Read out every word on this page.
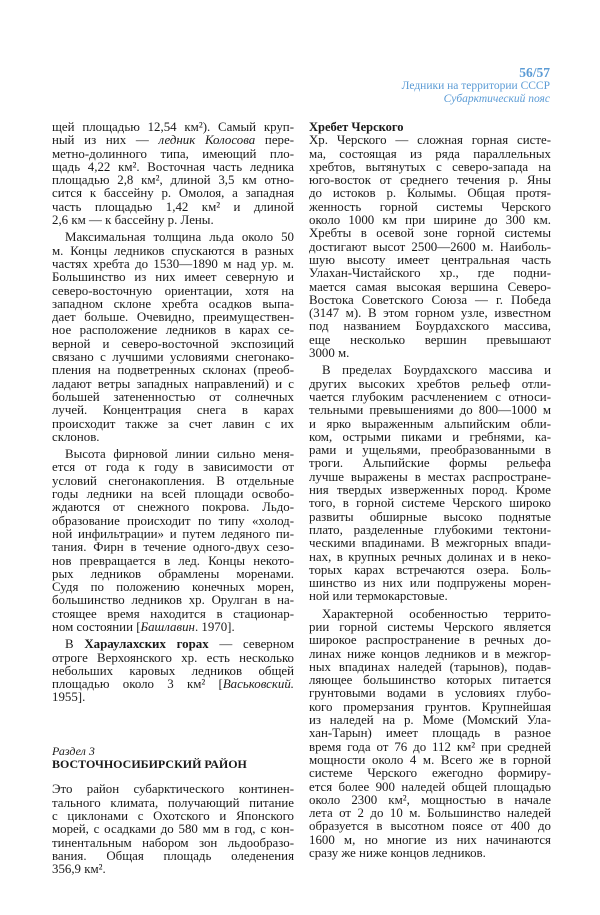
56/57
Ледники на территории СССР
Субарктический пояс
щей площадью 12,54 км²). Самый круп-
ный из них — ледник Колосова пере-
метно-долинного типа, имеющий пло-
щадь 4,22 км². Восточная часть ледника
площадью 2,8 км², длиной 3,5 км отно-
сится к бассейну р. Омолоя, а западная
часть площадью 1,42 км² и длиной
2,6 км — к бассейну р. Лены.
Максимальная толщина льда около 50
м. Концы ледников спускаются в разных
частях хребта до 1530—1890 м над ур. м.
Большинство из них имеет северную и
северо-восточную ориентации, хотя на
западном склоне хребта осадков выпа-
дает больше. Очевидно, преимуществен-
ное расположение ледников в карах се-
верной и северо-восточной экспозиций
связано с лучшими условиями снегонако-
пления на подветренных склонах (преоб-
ладают ветры западных направлений) и с
большей затененностью от солнечных
лучей. Концентрация снега в карах
происходит также за счет лавин с их
склонов.
Высота фирновой линии сильно меня-
ется от года к году в зависимости от
условий снегонакопления. В отдельные
годы ледники на всей площади освобо-
ждаются от снежного покрова. Льдо-
образование происходит по типу «холод-
ной инфильтрации» и путем ледяного пи-
тания. Фирн в течение одного-двух сезо-
нов превращается в лед. Концы некото-
рых ледников обрамлены моренами.
Судя по положению конечных морен,
большинство ледников хр. Орулган в на-
стоящее время находится в стационар-
ном состоянии [Башлавин. 1970].
В Хараулахских горах — северном
отроге Верхоянского хр. есть несколько
небольших каровых ледников общей
площадью около 3 км² [Васьковский.
1955].
Раздел 3
ВОСТОЧНОСИБИРСКИЙ РАЙОН
Это район субарктического континен-
тального климата, получающий питание
с циклонами с Охотского и Японского
морей, с осадками до 580 мм в год, с кон-
тинентальным набором зон льдообразо-
вания. Общая площадь оледенения
356,9 км².
Хребет Черского
Хр. Черского — сложная горная систе-
ма, состоящая из ряда параллельных
хребтов, вытянутых с северо-запада на
юго-восток от среднего течения р. Яны
до истоков р. Колымы. Общая протя-
женность горной системы Черского
около 1000 км при ширине до 300 км.
Хребты в осевой зоне горной системы
достигают высот 2500—2600 м. Наиболь-
шую высоту имеет центральная часть
Улахан-Чистайского хр., где подни-
мается самая высокая вершина Северо-
Востока Советского Союза — г. Победа
(3147 м). В этом горном узле, известном
под названием Боурдахского массива,
еще несколько вершин превышают
3000 м.
В пределах Боурдахского массива и
других высоких хребтов рельеф отли-
чается глубоким расчленением с относи-
тельными превышениями до 800—1000 м
и ярко выраженным альпийским обли-
ком, острыми пиками и гребнями, ка-
рами и ущельями, преобразованными в
троги. Альпийские формы рельефа
лучше выражены в местах распростране-
ния твердых изверженных пород. Кроме
того, в горной системе Черского широко
развиты обширные высоко поднятые
плато, разделенные глубокими тектони-
ческими впадинами. В межгорных впади-
нах, в крупных речных долинах и в неко-
торых карах встречаются озера. Боль-
шинство из них или подпружены морен-
ной или термокарстовые.
Характерной особенностью террито-
рии горной системы Черского является
широкое распространение в речных до-
линах ниже концов ледников и в межгор-
ных впадинах наледей (тарынов), подав-
ляющее большинство которых питается
грунтовыми водами в условиях глубо-
кого промерзания грунтов. Крупнейшая
из наледей на р. Моме (Момский Ула-
хан-Тарын) имеет площадь в разное
время года от 76 до 112 км² при средней
мощности около 4 м. Всего же в горной
системе Черского ежегодно формиру-
ется более 900 наледей общей площадью
около 2300 км², мощностью в начале
лета от 2 до 10 м. Большинство наледей
образуется в высотном поясе от 400 до
1600 м, но многие из них начинаются
сразу же ниже концов ледников.
